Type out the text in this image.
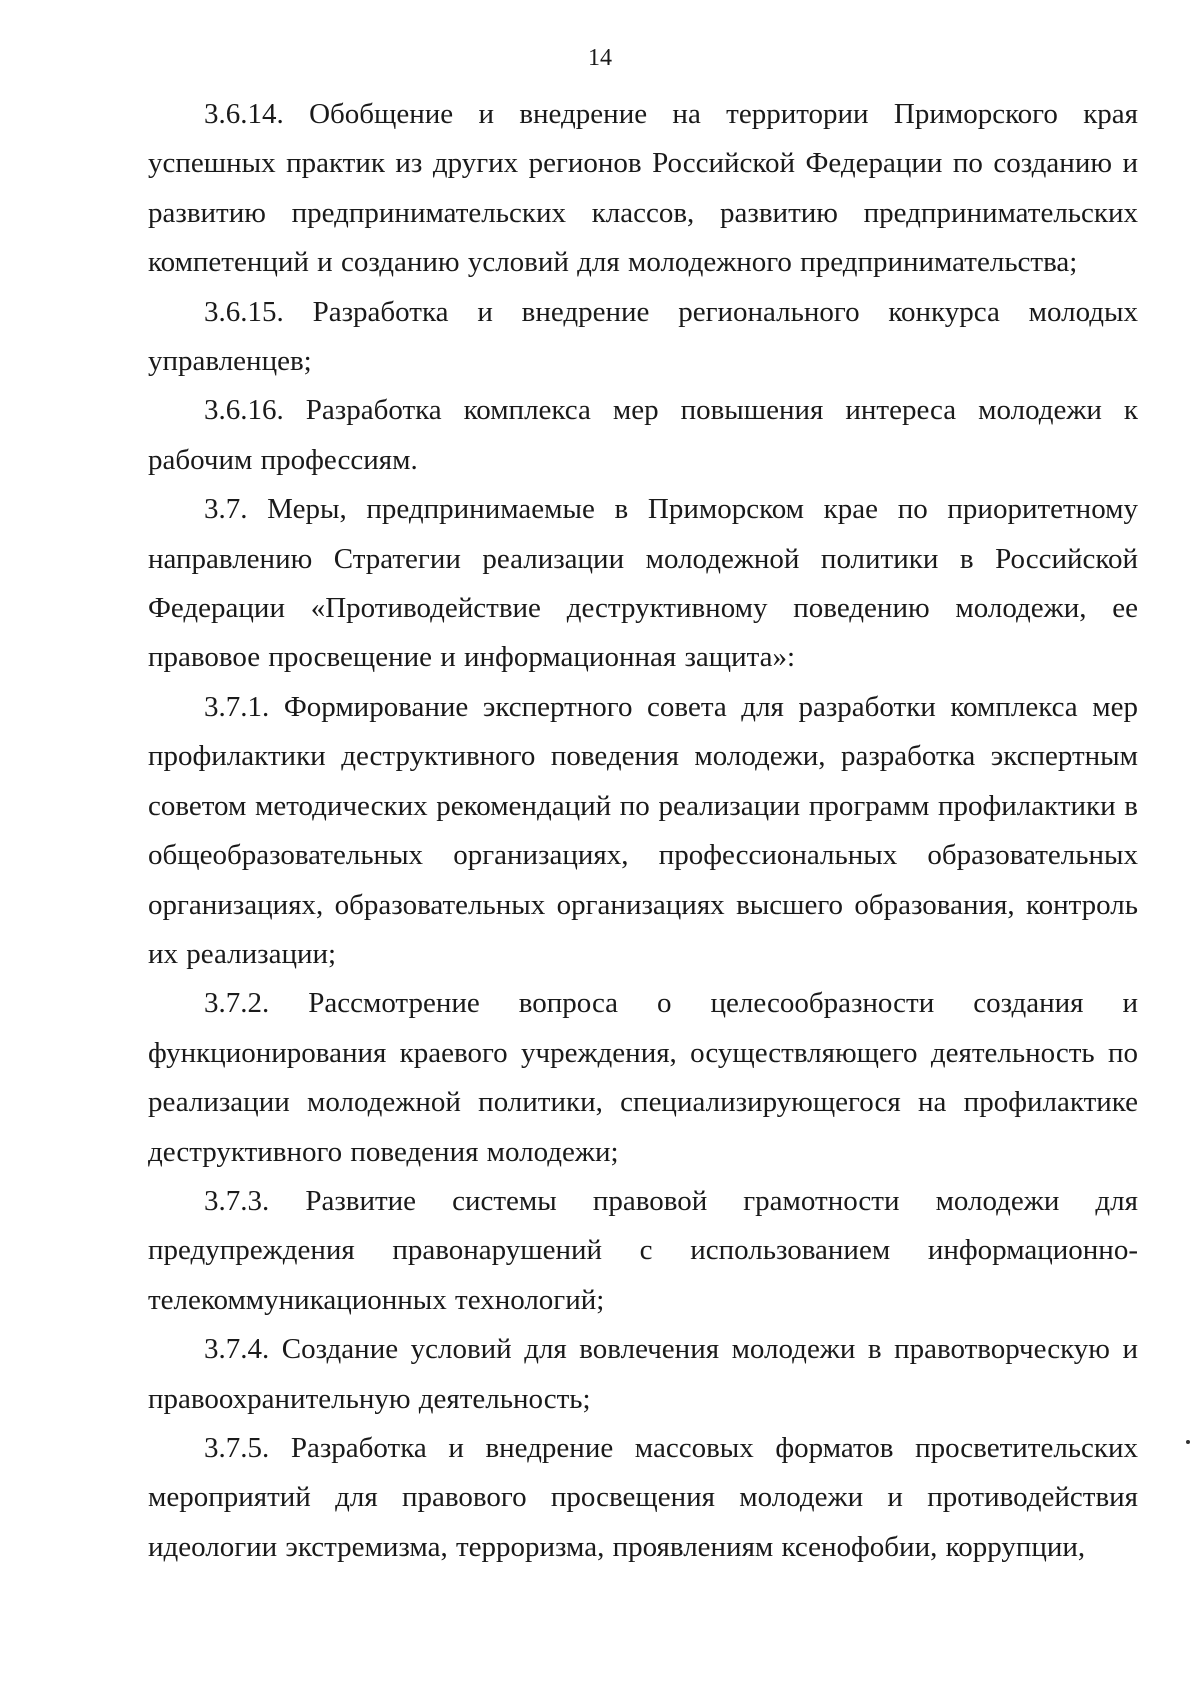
14

3.6.14. Обобщение и внедрение на территории Приморского края успешных практик из других регионов Российской Федерации по созданию и развитию предпринимательских классов, развитию предпринимательских компетенций и созданию условий для молодежного предпринимательства;

3.6.15. Разработка и внедрение регионального конкурса молодых управленцев;

3.6.16. Разработка комплекса мер повышения интереса молодежи к рабочим профессиям.

3.7. Меры, предпринимаемые в Приморском крае по приоритетному направлению Стратегии реализации молодежной политики в Российской Федерации «Противодействие деструктивному поведению молодежи, ее правовое просвещение и информационная защита»:

3.7.1. Формирование экспертного совета для разработки комплекса мер профилактики деструктивного поведения молодежи, разработка экспертным советом методических рекомендаций по реализации программ профилактики в общеобразовательных организациях, профессиональных образовательных организациях, образовательных организациях высшего образования, контроль их реализации;

3.7.2. Рассмотрение вопроса о целесообразности создания и функционирования краевого учреждения, осуществляющего деятельность по реализации молодежной политики, специализирующегося на профилактике деструктивного поведения молодежи;

3.7.3. Развитие системы правовой грамотности молодежи для предупреждения правонарушений с использованием информационно-телекоммуникационных технологий;

3.7.4. Создание условий для вовлечения молодежи в правотворческую и правоохранительную деятельность;

3.7.5. Разработка и внедрение массовых форматов просветительских мероприятий для правового просвещения молодежи и противодействия идеологии экстремизма, терроризма, проявлениям ксенофобии, коррупции,
